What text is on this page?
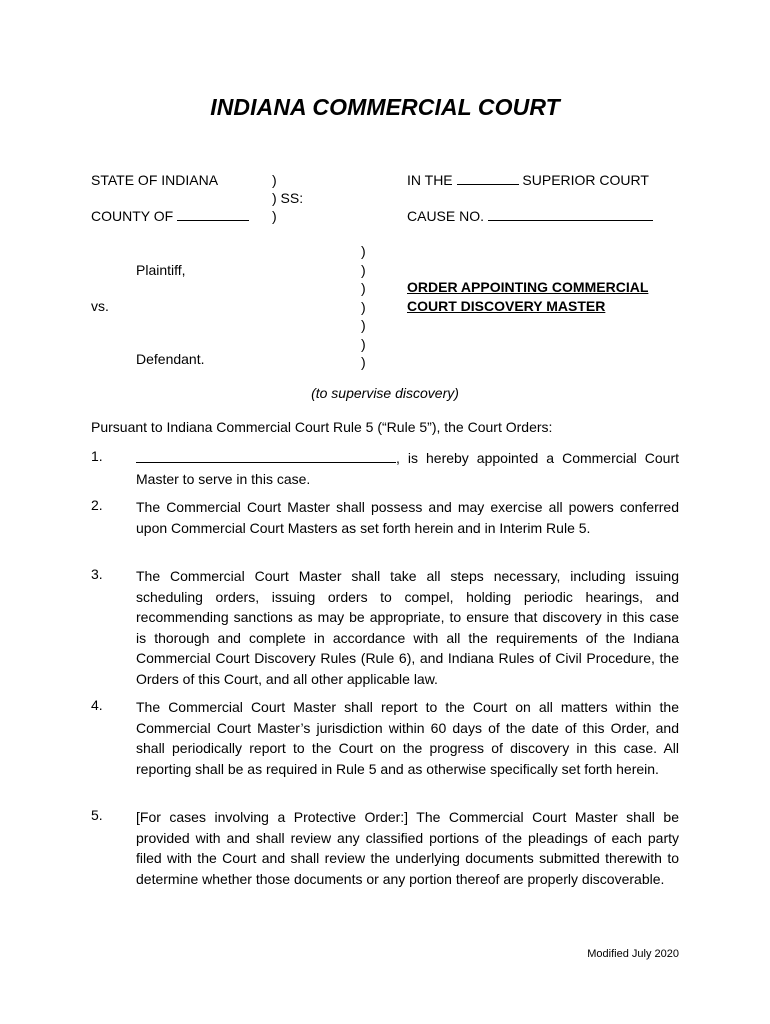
INDIANA COMMERCIAL COURT
STATE OF INDIANA
COUNTY OF
)
) SS:
)
IN THE	SUPERIOR COURT
CAUSE NO.
Plaintiff,
vs.
Defendant.
)
)
)
)
)
)
)
ORDER APPOINTING COMMERCIAL
COURT DISCOVERY MASTER
(to supervise discovery)
Pursuant to Indiana Commercial Court Rule 5 (“Rule 5”), the Court Orders:
1.	, is hereby appointed a Commercial Court Master to serve in this case.
2. The Commercial Court Master shall possess and may exercise all powers conferred upon Commercial Court Masters as set forth herein and in Interim Rule 5.
3. The Commercial Court Master shall take all steps necessary, including issuing scheduling orders, issuing orders to compel, holding periodic hearings, and recommending sanctions as may be appropriate, to ensure that discovery in this case is thorough and complete in accordance with all the requirements of the Indiana Commercial Court Discovery Rules (Rule 6), and Indiana Rules of Civil Procedure, the Orders of this Court, and all other applicable law.
4. The Commercial Court Master shall report to the Court on all matters within the Commercial Court Master’s jurisdiction within 60 days of the date of this Order, and shall periodically report to the Court on the progress of discovery in this case. All reporting shall be as required in Rule 5 and as otherwise specifically set forth herein.
5. [For cases involving a Protective Order:] The Commercial Court Master shall be provided with and shall review any classified portions of the pleadings of each party filed with the Court and shall review the underlying documents submitted therewith to determine whether those documents or any portion thereof are properly discoverable.
Modified July 2020
